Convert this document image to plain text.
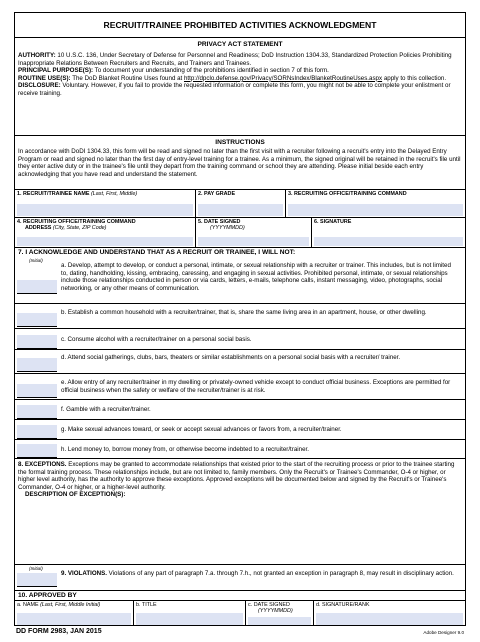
RECRUIT/TRAINEE PROHIBITED ACTIVITIES ACKNOWLEDGMENT
PRIVACY ACT STATEMENT
AUTHORITY: 10 U.S.C. 136, Under Secretary of Defense for Personnel and Readiness; DoD Instruction 1304.33, Standardized Protection Policies Prohibiting Inappropriate Relations Between Recruiters and Recruits, and Trainers and Trainees.
PRINCIPAL PURPOSE(S): To document your understanding of the prohibitions identified in section 7 of this form.
ROUTINE USE(S): The DoD Blanket Routine Uses found at http://dpclo.defense.gov/Privacy/SORNsIndex/BlanketRoutineUses.aspx apply to this collection.
DISCLOSURE: Voluntary. However, if you fail to provide the requested information or complete this form, you might not be able to complete your enlistment or receive training.
INSTRUCTIONS
In accordance with DoDI 1304.33, this form will be read and signed no later than the first visit with a recruiter following a recruit's entry into the Delayed Entry Program or read and signed no later than the first day of entry-level training for a trainee. As a minimum, the signed original will be retained in the recruit's file until they enter active duty or in the trainee's file until they depart from the training command or school they are attending. Please initial beside each entry acknowledging that you have read and understand the statement.
1. RECRUIT/TRAINEE NAME (Last, First, Middle)	2. PAY GRADE	3. RECRUITING OFFICE/TRAINING COMMAND
4. RECRUITING OFFICE/TRAINING COMMAND
ADDRESS (City, State, ZIP Code)
5. DATE SIGNED
(YYYYMMDD)
6. SIGNATURE
7. I ACKNOWLEDGE AND UNDERSTAND THAT AS A RECRUIT OR TRAINEE, I WILL NOT:
(Initial)
a. Develop, attempt to develop, or conduct a personal, intimate, or sexual relationship with a recruiter or trainer. This includes, but is not limited to, dating, handholding, kissing, embracing, caressing, and engaging in sexual activities. Prohibited personal, intimate, or sexual relationships include those relationships conducted in person or via cards, letters, e-mails, telephone calls, instant messaging, video, photographs, social networking, or any other means of communication.
b. Establish a common household with a recruiter/trainer, that is, share the same living area in an apartment, house, or other dwelling.
c. Consume alcohol with a recruiter/trainer on a personal social basis.
d. Attend social gatherings, clubs, bars, theaters or similar establishments on a personal social basis with a recruiter/ trainer.
e. Allow entry of any recruiter/trainer in my dwelling or privately-owned vehicle except to conduct official business. Exceptions are permitted for official business when the safety or welfare of the recruiter/trainer is at risk.
f. Gamble with a recruiter/trainer.
g. Make sexual advances toward, or seek or accept sexual advances or favors from, a recruiter/trainer.
h. Lend money to, borrow money from, or otherwise become indebted to a recruiter/trainer.
8. EXCEPTIONS. Exceptions may be granted to accommodate relationships that existed prior to the start of the recruiting process or prior to the trainee starting the formal training process. These relationships include, but are not limited to, family members. Only the Recruit's or Trainee's Commander, O-4 or higher, or higher level authority, has the authority to approve these exceptions. Approved exceptions will be documented below and signed by the Recruit's or Trainee's Commander, O-4 or higher, or a higher-level authority.
DESCRIPTION OF EXCEPTION(S):
(Initial)
9. VIOLATIONS. Violations of any part of paragraph 7.a. through 7.h., not granted an exception in paragraph 8, may result in disciplinary action.
10. APPROVED BY
a. NAME (Last, First, Middle Initial)	b. TITLE	c. DATE SIGNED
(YYYYMMDD)
d. SIGNATURE/RANK
DD FORM 2983, JAN 2015	Adobe Designer 9.0
